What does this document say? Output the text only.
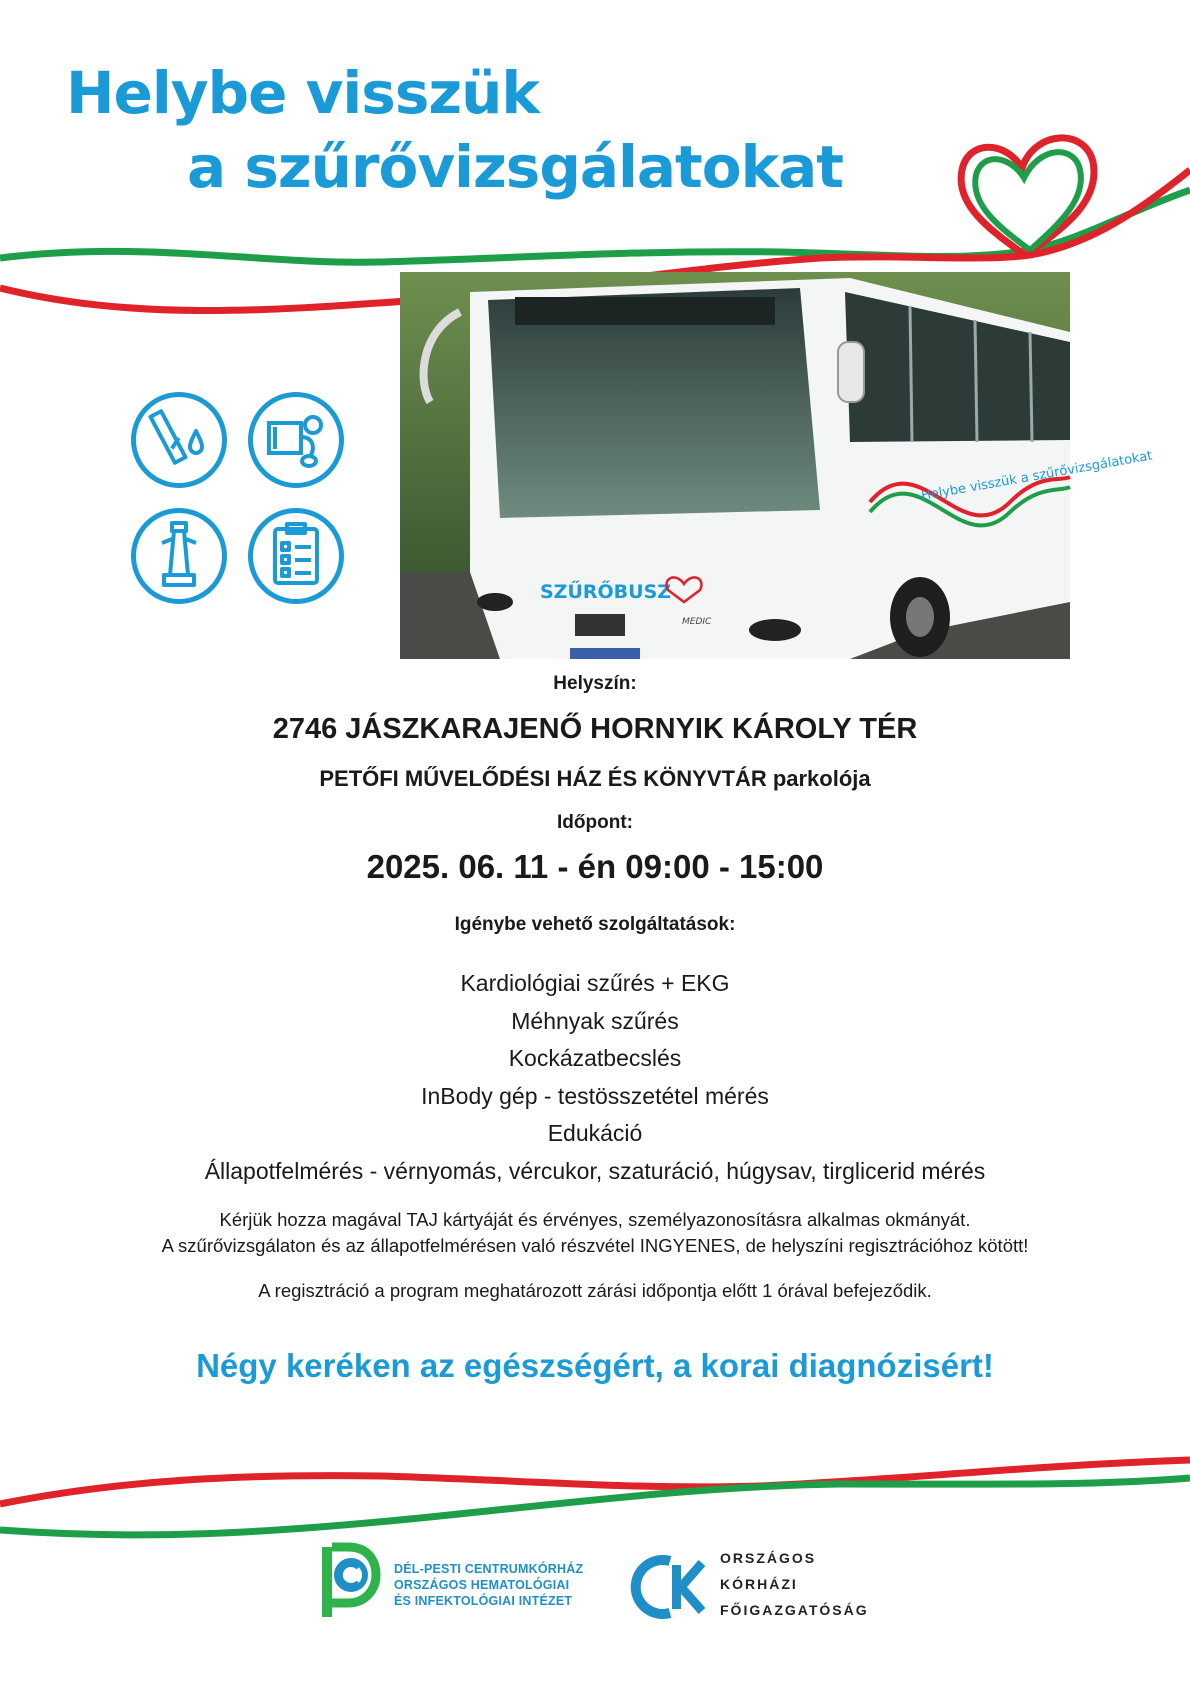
Helybe visszük
a szűrővizsgálatokat
Helybe visszük a szűrővizsgálatokat
SZŰRŐBUSZ
MEDIC
Helyszín:
2746 JÁSZKARAJENŐ HORNYIK KÁROLY TÉR
PETŐFI MŰVELŐDÉSI HÁZ ÉS KÖNYVTÁR parkolója
Időpont:
2025. 06. 11 - én 09:00 - 15:00
Igénybe vehető szolgáltatások:
Kardiológiai szűrés + EKG
Méhnyak szűrés
Kockázatbecslés
InBody gép - testösszetétel mérés
Edukáció
Állapotfelmérés - vérnyomás, vércukor, szaturáció, húgysav, tirglicerid mérés
Kérjük hozza magával TAJ kártyáját és érvényes, személyazonosításra alkalmas okmányát.
A szűrővizsgálaton és az állapotfelmérésen való részvétel INGYENES, de helyszíni regisztrációhoz kötött!
A regisztráció a program meghatározott zárási időpontja előtt 1 órával befejeződik.
Négy keréken az egészségért, a korai diagnózisért!
DÉL-PESTI CENTRUMKÓRHÁZ
ORSZÁGOS HEMATOLÓGIAI
ÉS INFEKTOLÓGIAI INTÉZET
ORSZÁGOS
KÓRHÁZI
FŐIGAZGATÓSÁG
